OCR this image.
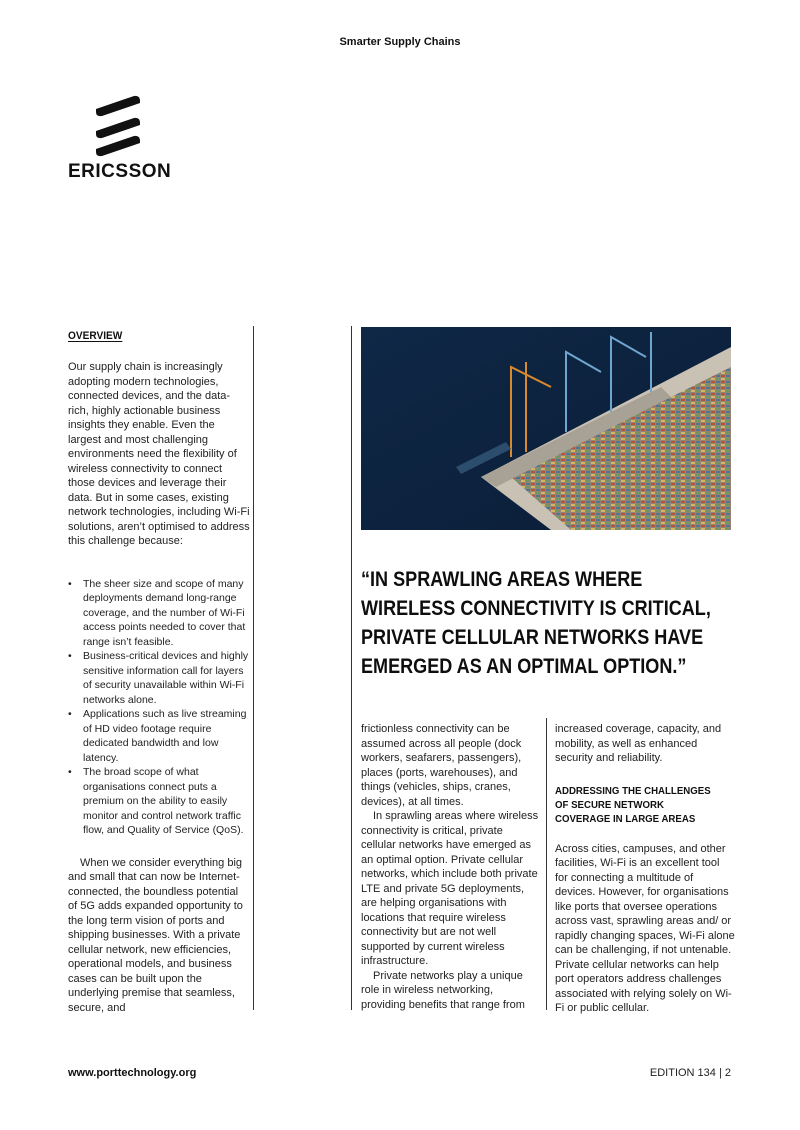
Smarter Supply Chains
ERICSSON
OVERVIEW

Our supply chain is increasingly adopting modern technologies, connected devices, and the data-rich, highly actionable business insights they enable. Even the largest and most challenging environments need the flexibility of wireless connectivity to connect those devices and leverage their data. But in some cases, existing network technologies, including Wi-Fi solutions, aren’t optimised to address this challenge because:

• The sheer size and scope of many deployments demand long-range coverage, and the number of Wi-Fi access points needed to cover that range isn’t feasible.
• Business-critical devices and highly sensitive information call for layers of security unavailable within Wi-Fi networks alone.
• Applications such as live streaming of HD video footage require dedicated bandwidth and low latency.
• The broad scope of what organisations connect puts a premium on the ability to easily monitor and control network traffic flow, and Quality of Service (QoS).

When we consider everything big and small that can now be Internet-connected, the boundless potential of 5G adds expanded opportunity to the long term vision of ports and shipping businesses. With a private cellular network, new efficiencies, operational models, and business cases can be built upon the underlying premise that seamless, secure, and

“IN SPRAWLING AREAS WHERE WIRELESS CONNECTIVITY IS CRITICAL, PRIVATE CELLULAR NETWORKS HAVE EMERGED AS AN OPTIMAL OPTION.”

frictionless connectivity can be assumed across all people (dock workers, seafarers, passengers), places (ports, warehouses), and things (vehicles, ships, cranes, devices), at all times.

In sprawling areas where wireless connectivity is critical, private cellular networks have emerged as an optimal option. Private cellular networks, which include both private LTE and private 5G deployments, are helping organisations with locations that require wireless connectivity but are not well supported by current wireless infrastructure.

Private networks play a unique role in wireless networking, providing benefits that range from

increased coverage, capacity, and mobility, as well as enhanced security and reliability.

ADDRESSING THE CHALLENGES OF SECURE NETWORK COVERAGE IN LARGE AREAS

Across cities, campuses, and other facilities, Wi-Fi is an excellent tool for connecting a multitude of devices. However, for organisations like ports that oversee operations across vast, sprawling areas and/ or rapidly changing spaces, Wi-Fi alone can be challenging, if not untenable. Private cellular networks can help port operators address challenges associated with relying solely on Wi-Fi or public cellular.

www.porttechnology.org	EDITION 134 | 2
